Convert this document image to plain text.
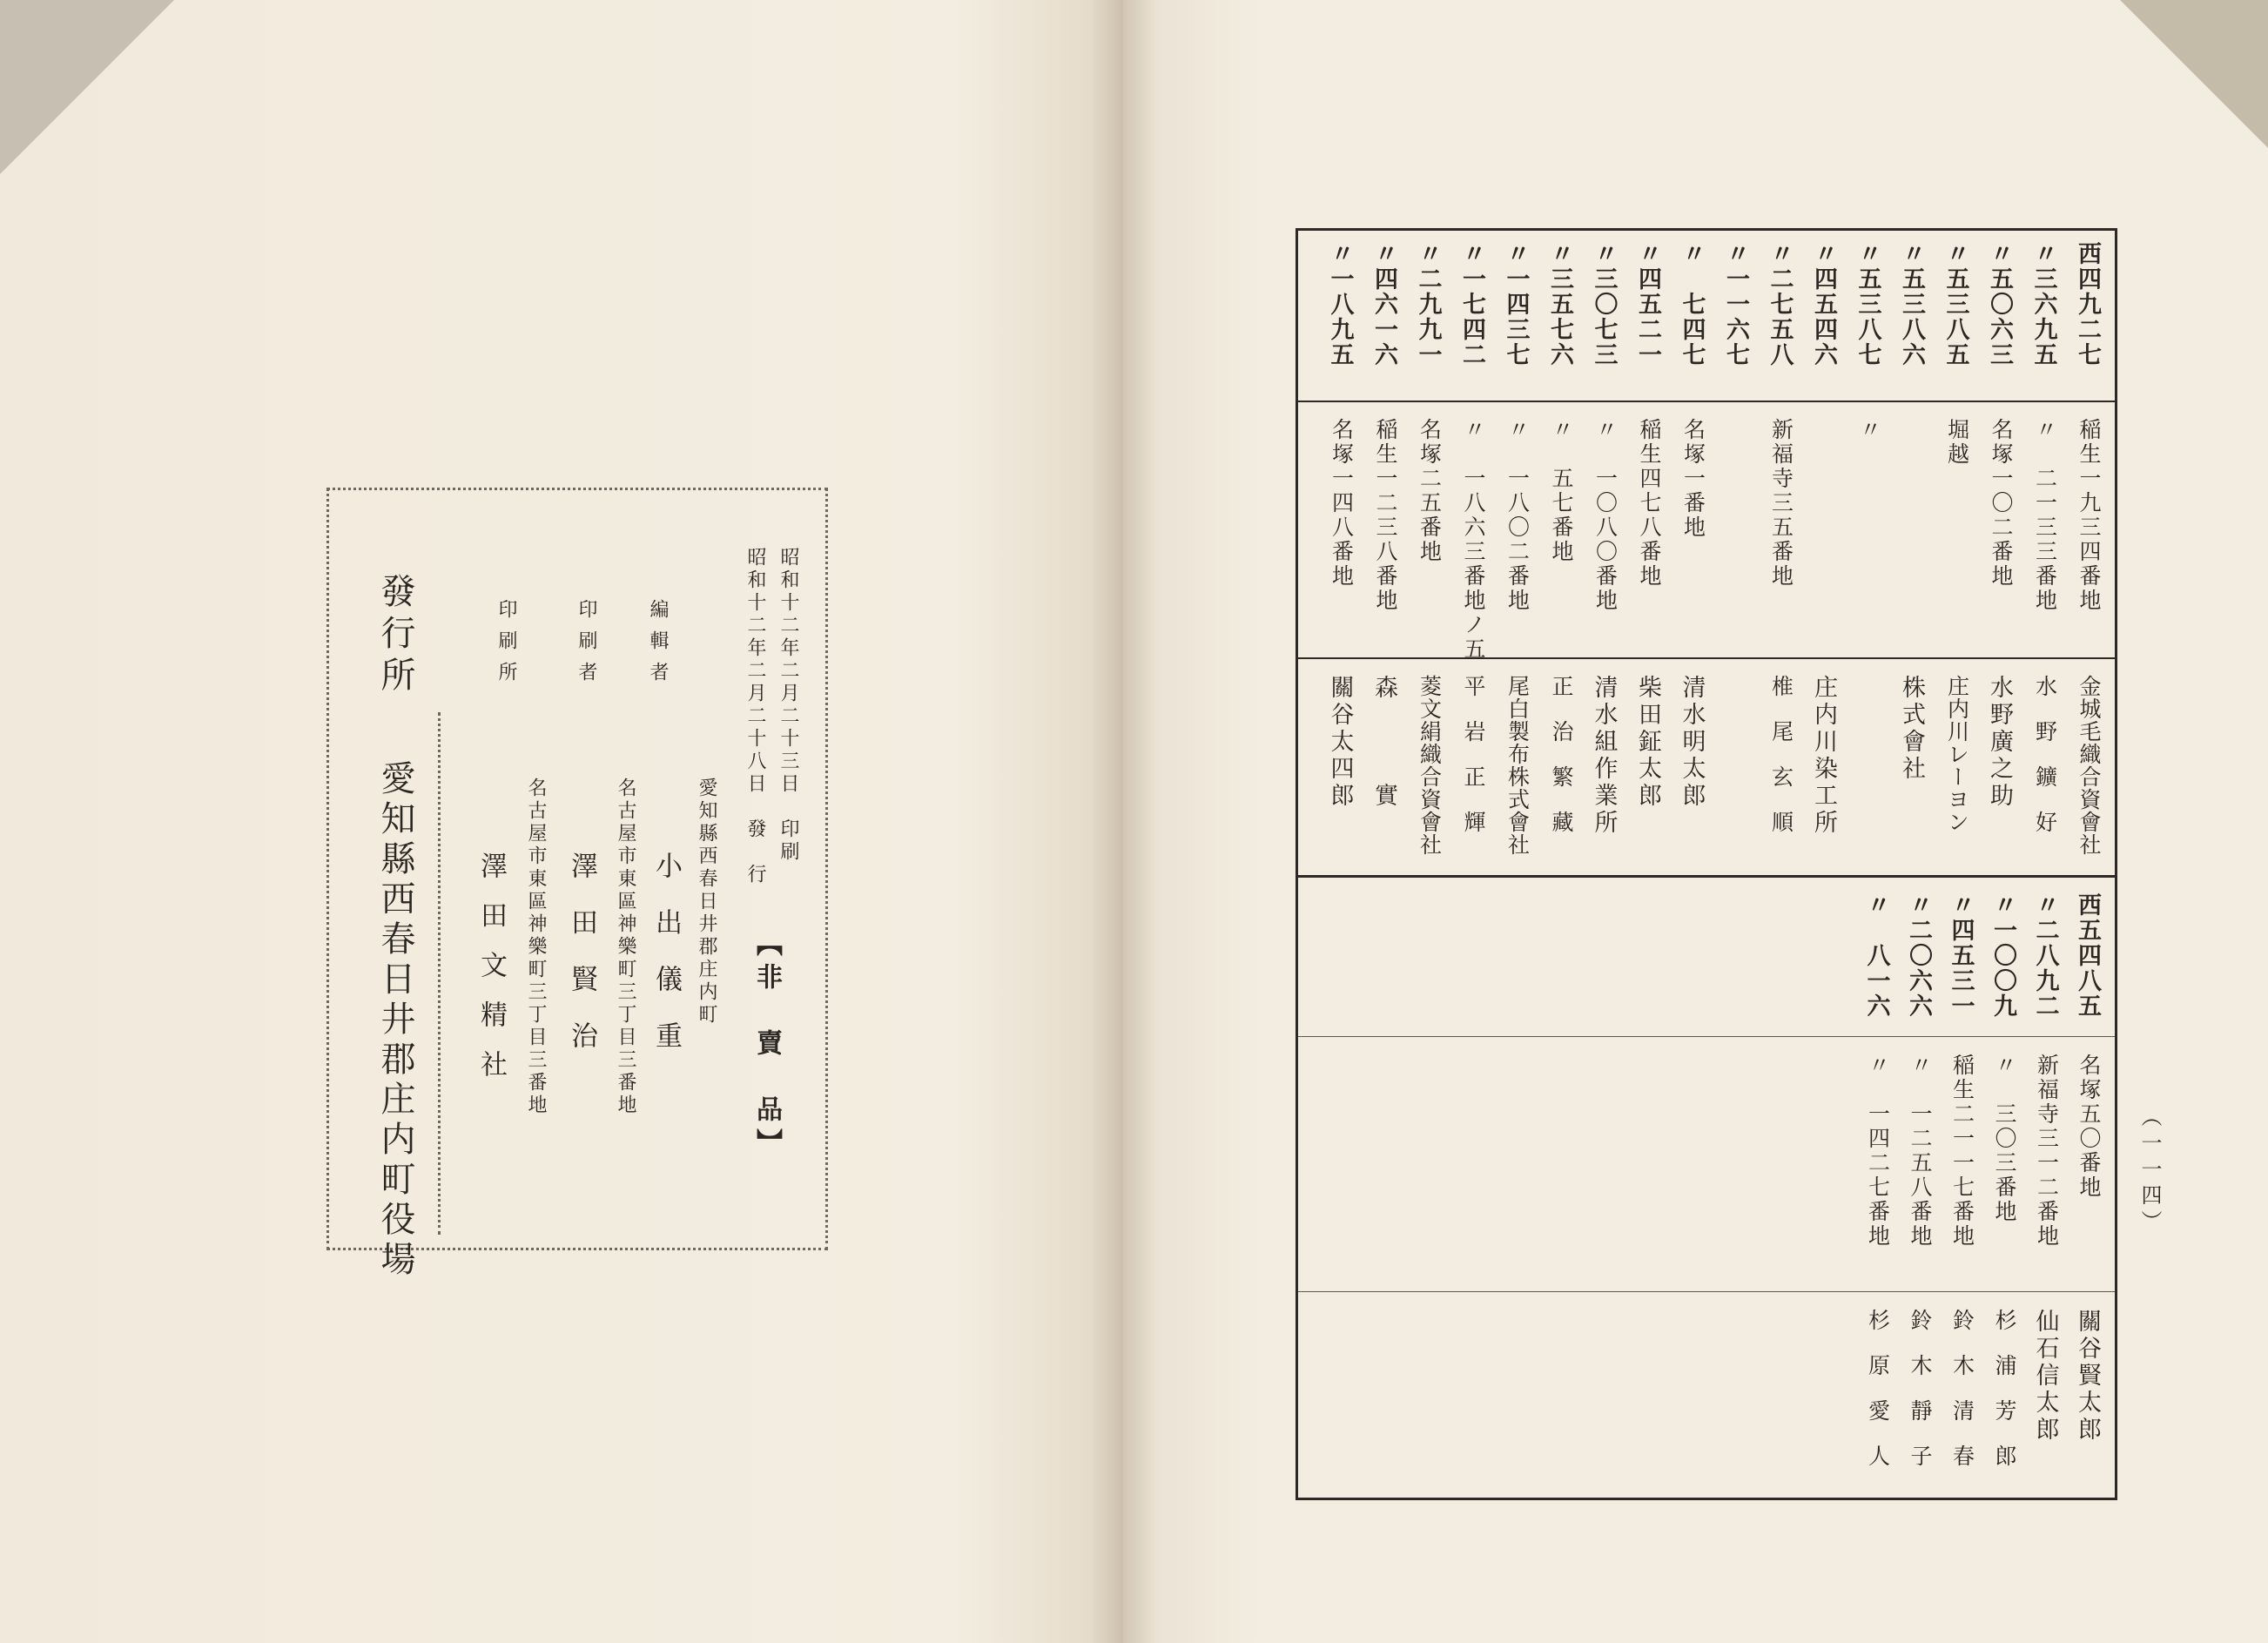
昭和十二年二月二十三日　印刷
昭和十二年二月二十八日　發　行
【非　賣　品】
編輯者
愛知縣西春日井郡庄内町
小出儀重
印刷者
名古屋市東區神樂町三丁目三番地
澤田賢治
印刷所
名古屋市東區神樂町三丁目三番地
澤田文精社
發行所
愛知縣西春日井郡庄内町役場	（一一四）
西四九二七
稲生一九三四番地
金城毛織合資會社
〃三六九五
〃　二一三三番地
水　野　鑛　好
〃五〇六三
名塚一〇二番地
水野廣之助
〃五三八五
堀越
庄内川レーヨン
〃五三八六
株式會社
〃五三八七
〃
〃四五四六
庄内川染工所
〃二七五八
新福寺三五番地
椎　尾　玄　順
〃一一六七
〃　七四七
名塚一番地
清水明太郎
〃四五二一
稲生四七八番地
柴田鉦太郎
〃三〇七三
〃　一〇八〇番地
清水組作業所
〃三五七六
〃　五七番地
正　治　繁　藏
〃一四三七
〃　一八〇二番地
尾白製布株式會社
〃一七四二
〃　一八六三番地ノ五
平　岩　正　輝
〃二九九一
名塚二五番地
菱文絹織合資會社
〃四六一六
稲生一二三八番地
森　　　實
〃一八九五
名塚一四八番地
關谷太四郎
西五四八五
名塚五〇番地
關谷賢太郎
〃二八九二
新福寺三一二番地
仙石信太郎
〃一〇〇九
〃　三〇三番地
杉　浦　芳　郎
〃四五三一
稲生二一一七番地
鈴　木　清　春
〃二〇六六
〃　一二五八番地
鈴　木　靜　子
〃　八一六
〃　一四二七番地
杉　原　愛　人
